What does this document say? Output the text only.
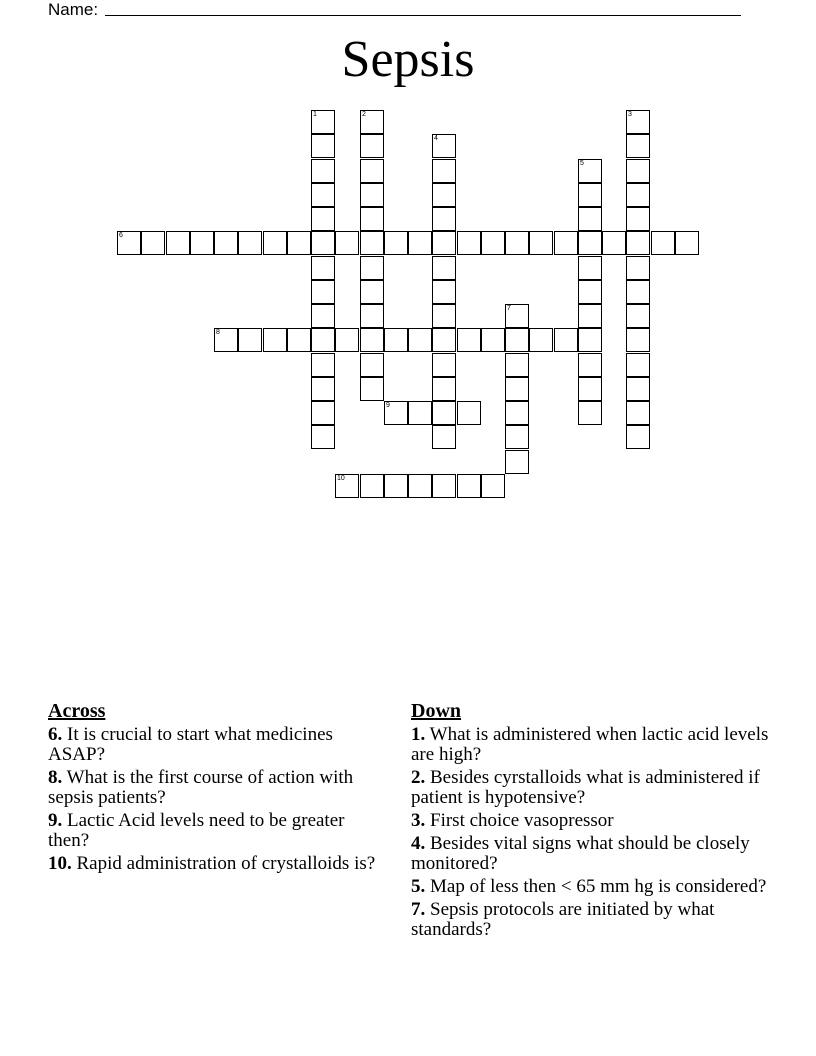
Name:
Sepsis
1	2	3
4
5
6
7
8
9
10
Across
6. It is crucial to start what medicines ASAP?
8. What is the first course of action with sepsis patients?
9. Lactic Acid levels need to be greater then?
10. Rapid administration of crystalloids is?
Down
1. What is administered when lactic acid levels are high?
2. Besides cyrstalloids what is administered if patient is hypotensive?
3. First choice vasopressor
4. Besides vital signs what should be closely monitored?
5. Map of less then < 65 mm hg is considered?
7. Sepsis protocols are initiated by what standards?
